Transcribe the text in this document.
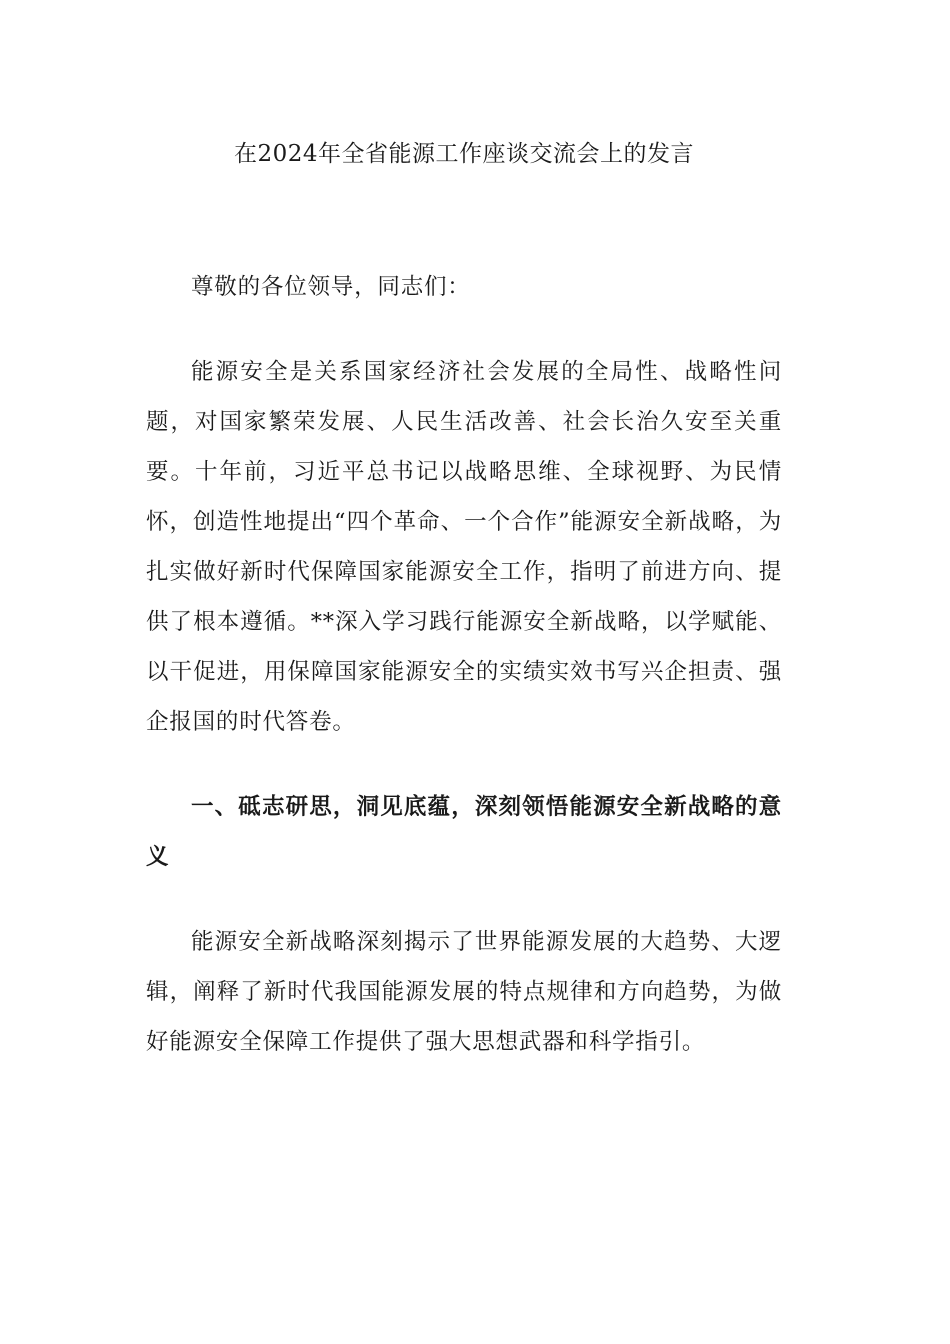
在2024年全省能源工作座谈交流会上的发言

尊敬的各位领导，同志们：

能源安全是关系国家经济社会发展的全局性、战略性问题，对国家繁荣发展、人民生活改善、社会长治久安至关重要。十年前，习近平总书记以战略思维、全球视野、为民情怀，创造性地提出“四个革命、一个合作”能源安全新战略，为扎实做好新时代保障国家能源安全工作，指明了前进方向、提供了根本遵循。**深入学习践行能源安全新战略，以学赋能、以干促进，用保障国家能源安全的实绩实效书写兴企担责、强企报国的时代答卷。

一、砥志研思，洞见底蕴，深刻领悟能源安全新战略的意义

能源安全新战略深刻揭示了世界能源发展的大趋势、大逻辑，阐释了新时代我国能源发展的特点规律和方向趋势，为做好能源安全保障工作提供了强大思想武器和科学指引。
